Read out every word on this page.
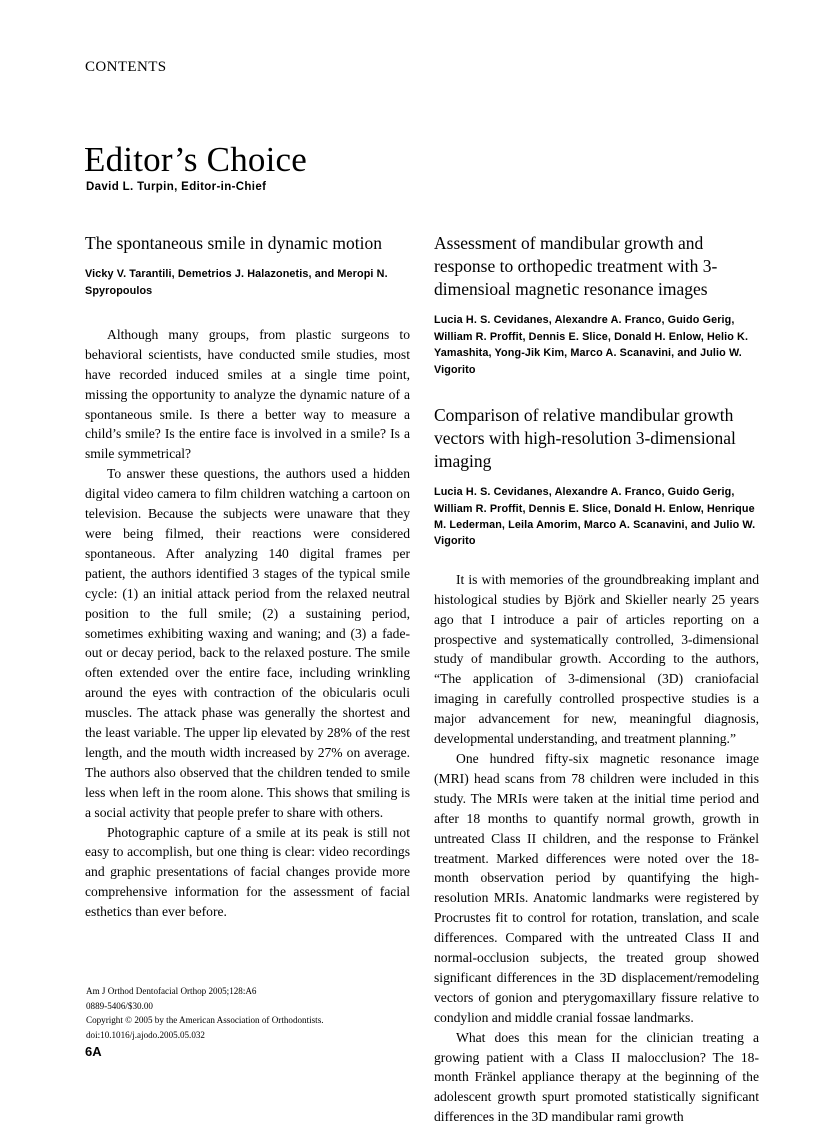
CONTENTS
Editor’s Choice
David L. Turpin, Editor-in-Chief
The spontaneous smile in dynamic motion
Vicky V. Tarantili, Demetrios J. Halazonetis, and Meropi N. Spyropoulos

Although many groups, from plastic surgeons to behavioral scientists, have conducted smile studies, most have recorded induced smiles at a single time point, missing the opportunity to analyze the dynamic nature of a spontaneous smile. Is there a better way to measure a child’s smile? Is the entire face is involved in a smile? Is a smile symmetrical?

To answer these questions, the authors used a hidden digital video camera to film children watching a cartoon on television. Because the subjects were unaware that they were being filmed, their reactions were considered spontaneous. After analyzing 140 digital frames per patient, the authors identified 3 stages of the typical smile cycle: (1) an initial attack period from the relaxed neutral position to the full smile; (2) a sustaining period, sometimes exhibiting waxing and waning; and (3) a fade-out or decay period, back to the relaxed posture. The smile often extended over the entire face, including wrinkling around the eyes with contraction of the obicularis oculi muscles. The attack phase was generally the shortest and the least variable. The upper lip elevated by 28% of the rest length, and the mouth width increased by 27% on average. The authors also observed that the children tended to smile less when left in the room alone. This shows that smiling is a social activity that people prefer to share with others.

Photographic capture of a smile at its peak is still not easy to accomplish, but one thing is clear: video recordings and graphic presentations of facial changes provide more comprehensive information for the assessment of facial esthetics than ever before.

Assessment of mandibular growth and response to orthopedic treatment with 3-dimensioal magnetic resonance images
Lucia H. S. Cevidanes, Alexandre A. Franco, Guido Gerig, William R. Proffit, Dennis E. Slice, Donald H. Enlow, Helio K. Yamashita, Yong-Jik Kim, Marco A. Scanavini, and Julio W. Vigorito
Comparison of relative mandibular growth vectors with high-resolution 3-dimensional imaging
Lucia H. S. Cevidanes, Alexandre A. Franco, Guido Gerig, William R. Proffit, Dennis E. Slice, Donald H. Enlow, Henrique M. Lederman, Leila Amorim, Marco A. Scanavini, and Julio W. Vigorito

It is with memories of the groundbreaking implant and histological studies by Björk and Skieller nearly 25 years ago that I introduce a pair of articles reporting on a prospective and systematically controlled, 3-dimensional study of mandibular growth. According to the authors, “The application of 3-dimensional (3D) craniofacial imaging in carefully controlled prospective studies is a major advancement for new, meaningful diagnosis, developmental understanding, and treatment planning.”

One hundred fifty-six magnetic resonance image (MRI) head scans from 78 children were included in this study. The MRIs were taken at the initial time period and after 18 months to quantify normal growth, growth in untreated Class II children, and the response to Fränkel treatment. Marked differences were noted over the 18-month observation period by quantifying the high-resolution MRIs. Anatomic landmarks were registered by Procrustes fit to control for rotation, translation, and scale differences. Compared with the untreated Class II and normal-occlusion subjects, the treated group showed significant differences in the 3D displacement/remodeling vectors of gonion and pterygomaxillary fissure relative to condylion and middle cranial fossae landmarks.

What does this mean for the clinician treating a growing patient with a Class II malocclusion? The 18-month Fränkel appliance therapy at the beginning of the adolescent growth spurt promoted statistically significant differences in the 3D mandibular rami growth

Am J Orthod Dentofacial Orthop 2005;128:A6
0889-5406/$30.00
Copyright © 2005 by the American Association of Orthodontists.
doi:10.1016/j.ajodo.2005.05.032
6A
